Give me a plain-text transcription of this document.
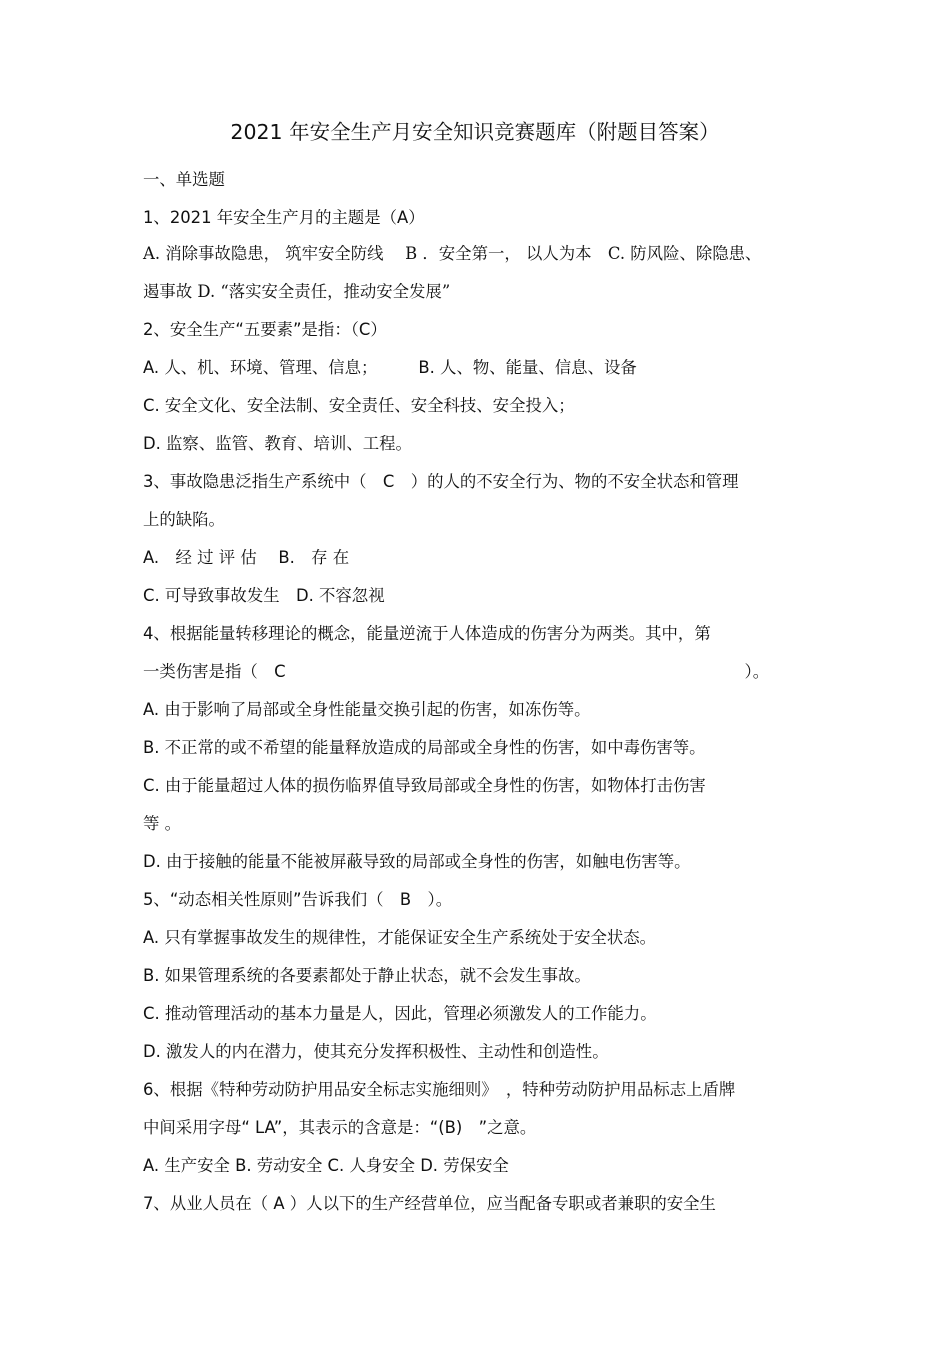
2021 年安全生产月安全知识竞赛题库（附题目答案）
一、单选题
1、2021 年安全生产月的主题是（A）
A. 消除事故隐患， 筑牢安全防线　 B ．安全第一， 以人为本　C. 防风险、除隐患、
遏事故 D. “落实安全责任，推动安全发展”
2、安全生产“五要素”是指：（C）
A. 人、机、环境、管理、信息；　　　B. 人、物、能量、信息、设备
C. 安全文化、安全法制、安全责任、安全科技、安全投入；
D. 监察、监管、教育、培训、工程。
3、事故隐患泛指生产系统中（　C　）的人的不安全行为、物的不安全状态和管理
上的缺陷。
A.　经 过 评 估　 B.　存 在
C. 可导致事故发生　D. 不容忽视
4、根据能量转移理论的概念，能量逆流于人体造成的伤害分为两类。其中，第
一类伤害是指（　C　　　　　　　　　　　　　　　　　　　　　　　　　　　　）。
A. 由于影响了局部或全身性能量交换引起的伤害，如冻伤等。
B. 不正常的或不希望的能量释放造成的局部或全身性的伤害，如中毒伤害等。
C. 由于能量超过人体的损伤临界值导致局部或全身性的伤害，如物体打击伤害
等 。
D. 由于接触的能量不能被屏蔽导致的局部或全身性的伤害，如触电伤害等。
5、“动态相关性原则”告诉我们（　B　）。
A. 只有掌握事故发生的规律性，才能保证安全生产系统处于安全状态。
B. 如果管理系统的各要素都处于静止状态，就不会发生事故。
C. 推动管理活动的基本力量是人，因此，管理必须激发人的工作能力。
D. 激发人的内在潜力，使其充分发挥积极性、主动性和创造性。
6、根据《特种劳动防护用品安全标志实施细则》　，特种劳动防护用品标志上盾牌
中间采用字母“ LA”，其表示的含意是：“(B)　”之意。
A. 生产安全 B. 劳动安全 C. 人身安全 D. 劳保安全
7、从业人员在（ A ）人以下的生产经营单位，应当配备专职或者兼职的安全生
